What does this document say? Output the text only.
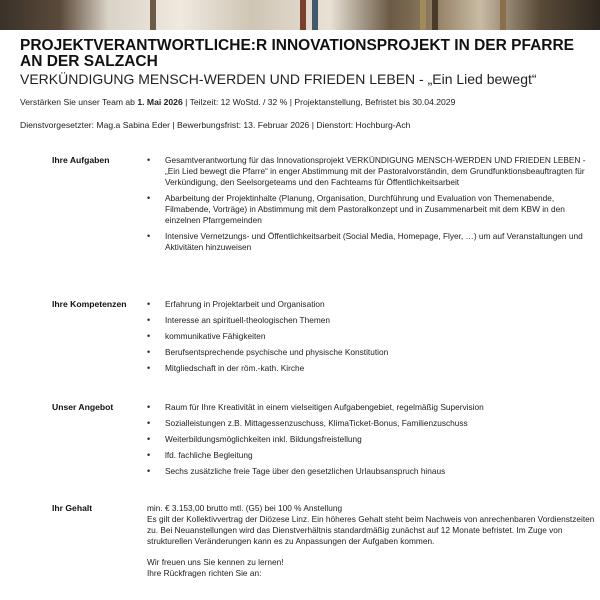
PROJEKTVERANTWORTLICHE:R INNOVATIONSPROJEKT IN DER PFARRE AN DER SALZACH
VERKÜNDIGUNG MENSCH-WERDEN UND FRIEDEN LEBEN - „Ein Lied bewegt“
Verstärken Sie unser Team ab 1. Mai 2026 | Teilzeit: 12 WoStd. / 32 % | Projektanstellung, Befristet bis 30.04.2029
Dienstvorgesetzter: Mag.a Sabina Eder | Bewerbungsfrist: 13. Februar 2026 | Dienstort: Hochburg-Ach
Ihre Aufgaben	• Gesamtverantwortung für das Innovationsprojekt VERKÜNDIGUNG MENSCH-WERDEN UND FRIEDEN LEBEN - „Ein Lied bewegt die Pfarre“ in enger Abstimmung mit der Pastoralvorständin, dem Grundfunktionsbeauftragten für Verkündigung, den Seelsorgeteams und den Fachteams für Öffentlichkeitsarbeit
• Abarbeitung der Projektinhalte (Planung, Organisation, Durchführung und Evaluation von Themenabende, Filmabende, Vorträge) in Abstimmung mit dem Pastoralkonzept und in Zusammenarbeit mit dem KBW in den einzelnen Pfarrgemeinden
• Intensive Vernetzungs- und Öffentlichkeitsarbeit (Social Media, Homepage, Flyer, …) um auf Veranstaltungen und Aktivitäten hinzuweisen
Ihre Kompetenzen	• Erfahrung in Projektarbeit und Organisation
• Interesse an spirituell-theologischen Themen
• kommunikative Fähigkeiten
• Berufsentsprechende psychische und physische Konstitution
• Mitgliedschaft in der röm.-kath. Kirche
Unser Angebot	• Raum für Ihre Kreativität in einem vielseitigen Aufgabengebiet, regelmäßig Supervision
• Sozialleistungen z.B. Mittagessenzuschuss, KlimaTicket-Bonus, Familienzuschuss
• Weiterbildungsmöglichkeiten inkl. Bildungsfreistellung
• lfd. fachliche Begleitung
• Sechs zusätzliche freie Tage über den gesetzlichen Urlaubsanspruch hinaus
Ihr Gehalt	min. € 3.153,00 brutto mtl. (G5) bei 100 % Anstellung

Es gilt der Kollektivvertrag der Diözese Linz. Ein höheres Gehalt steht beim Nachweis von anrechenbaren Vordienstzeiten zu. Bei Neuanstellungen wird das Dienstverhältnis standardmäßig zunächst auf 12 Monate befristet. Im Zuge von strukturellen Veränderungen kann es zu Anpassungen der Aufgaben kommen.

Wir freuen uns Sie kennen zu lernen!

Ihre Rückfragen richten Sie an:
